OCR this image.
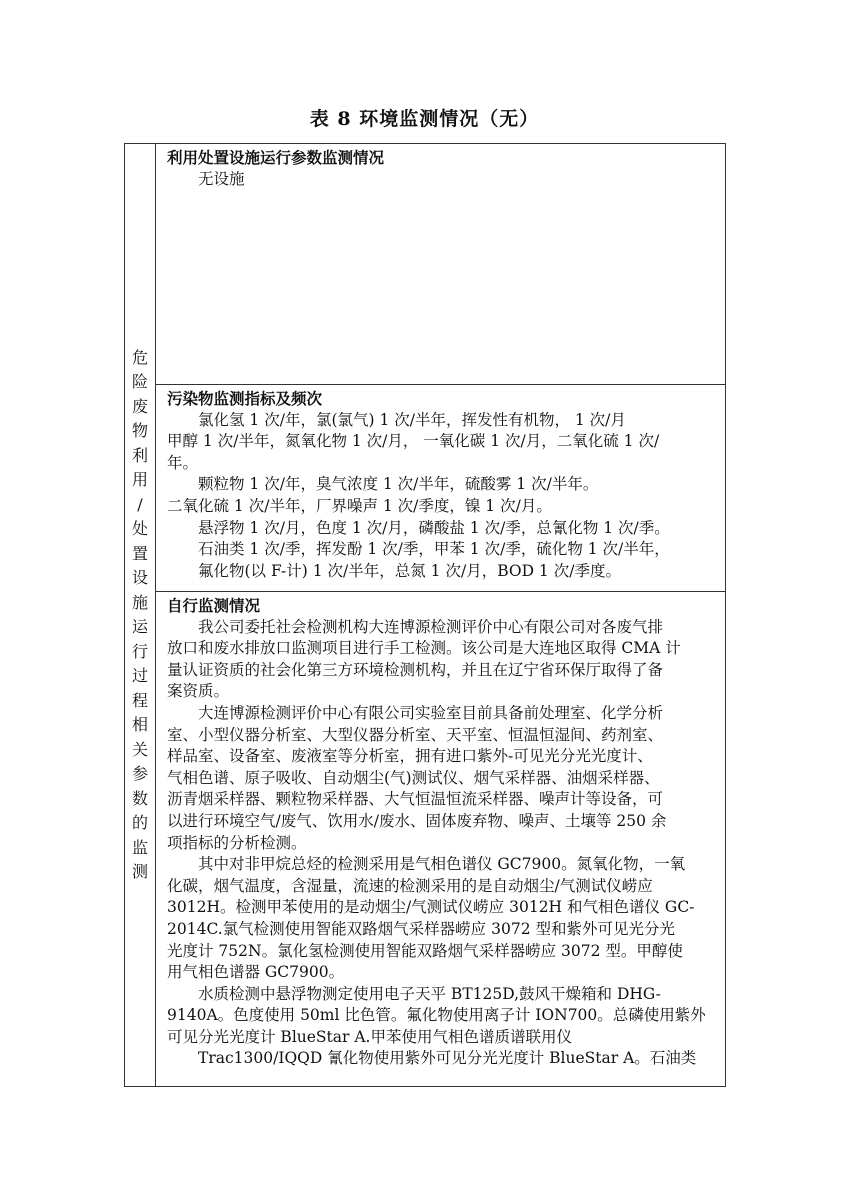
表 8 环境监测情况（无）
危
险
废
物
利
用
/
处
置
设
施
运
行
过
程
相
关
参
数
的
监
测

利用处置设施运行参数监测情况
无设施

污染物监测指标及频次
氯化氢 1 次/年，氯(氯气) 1 次/半年，挥发性有机物， 1 次/月
甲醇 1 次/半年，氮氧化物 1 次/月， 一氧化碳 1 次/月，二氧化硫 1 次/
年。
颗粒物 1 次/年，臭气浓度 1 次/半年，硫酸雾 1 次/半年。
二氧化硫 1 次/半年，厂界噪声 1 次/季度，镍 1 次/月。
悬浮物 1 次/月，色度 1 次/月，磷酸盐 1 次/季，总氰化物 1 次/季。
石油类 1 次/季，挥发酚 1 次/季，甲苯 1 次/季，硫化物 1 次/半年，
氟化物(以 F-计) 1 次/半年，总氮 1 次/月，BOD 1 次/季度。

自行监测情况
我公司委托社会检测机构大连博源检测评价中心有限公司对各废气排
放口和废水排放口监测项目进行手工检测。该公司是大连地区取得 CMA 计
量认证资质的社会化第三方环境检测机构，并且在辽宁省环保厅取得了备
案资质。
大连博源检测评价中心有限公司实验室目前具备前处理室、化学分析
室、小型仪器分析室、大型仪器分析室、天平室、恒温恒湿间、药剂室、
样品室、设备室、废液室等分析室，拥有进口紫外-可见光分光光度计、
气相色谱、原子吸收、自动烟尘(气)测试仪、烟气采样器、油烟采样器、
沥青烟采样器、颗粒物采样器、大气恒温恒流采样器、噪声计等设备，可
以进行环境空气/废气、饮用水/废水、固体废弃物、噪声、土壤等 250 余
项指标的分析检测。
其中对非甲烷总烃的检测采用是气相色谱仪 GC7900。氮氧化物，一氧
化碳，烟气温度，含湿量，流速的检测采用的是自动烟尘/气测试仪崂应
3012H。检测甲苯使用的是动烟尘/气测试仪崂应 3012H 和气相色谱仪 GC-
2014C.氯气检测使用智能双路烟气采样器崂应 3072 型和紫外可见光分光
光度计 752N。氯化氢检测使用智能双路烟气采样器崂应 3072 型。甲醇使
用气相色谱器 GC7900。
水质检测中悬浮物测定使用电子天平 BT125D,鼓风干燥箱和 DHG-
9140A。色度使用 50ml 比色管。氟化物使用离子计 ION700。总磷使用紫外
可见分光光度计 BlueStar A.甲苯使用气相色谱质谱联用仪
Trac1300/IQQD 氰化物使用紫外可见分光光度计 BlueStar A。石油类
